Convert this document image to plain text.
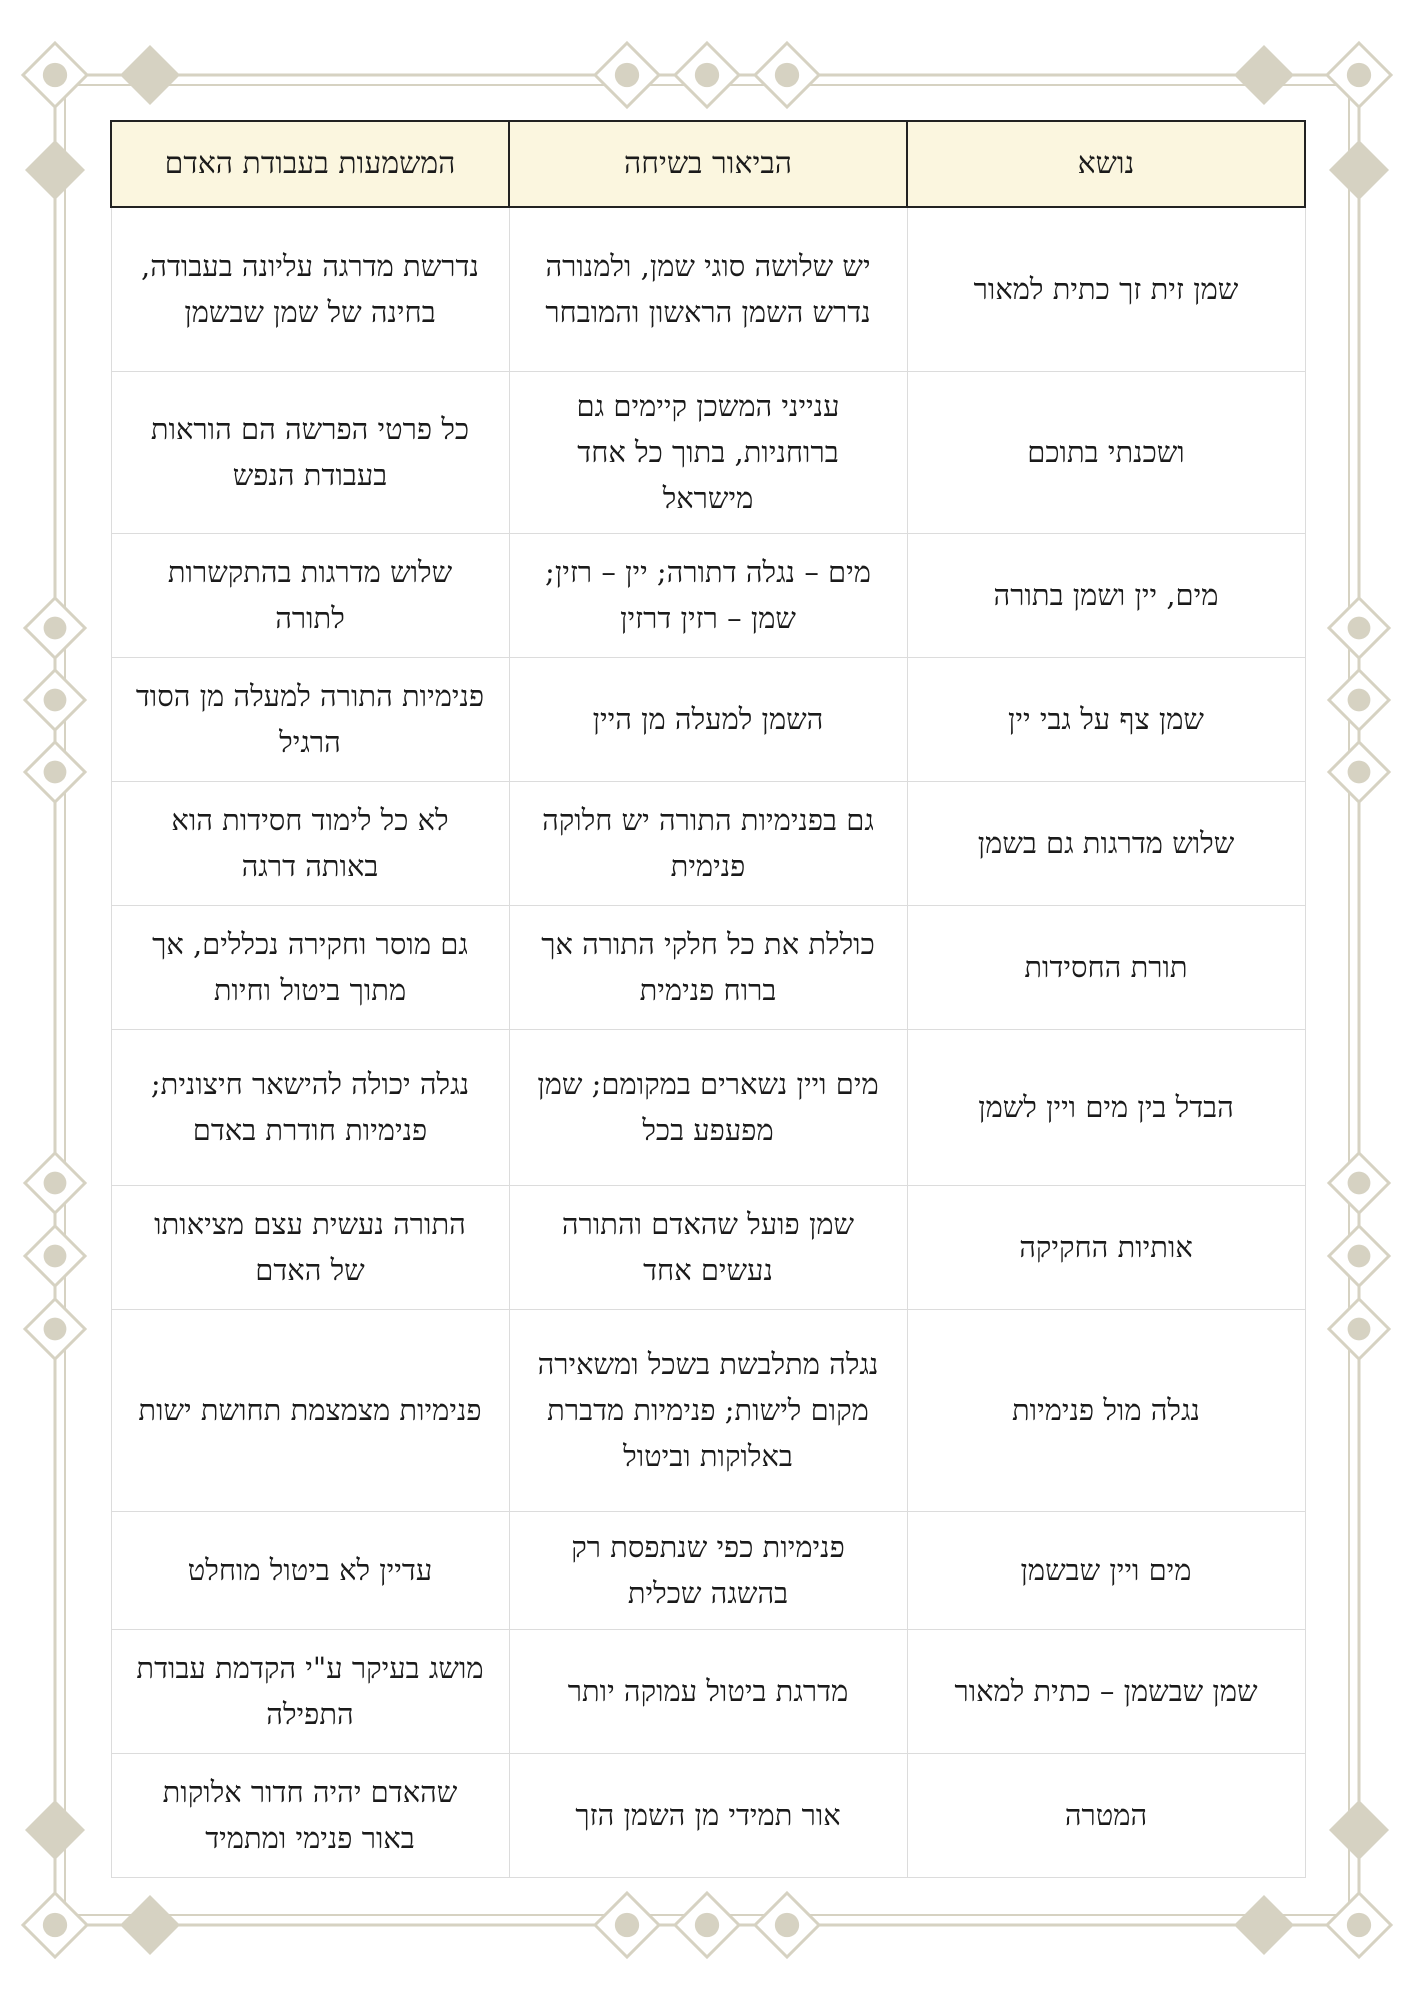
נושא	הביאור בשיחה	המשמעות בעבודת האדם
שמן זית זך כתית למאור	יש שלושה סוגי שמן, ולמנורה נדרש השמן הראשון והמובחר	נדרשת מדרגה עליונה בעבודה, בחינה של שמן שבשמן
ושכנתי בתוכם	ענייני המשכן קיימים גם ברוחניות, בתוך כל אחד מישראל	כל פרטי הפרשה הם הוראות בעבודת הנפש
מים, יין ושמן בתורה	מים – נגלה דתורה; יין – רזין; שמן – רזין דרזין	שלוש מדרגות בהתקשרות לתורה
שמן צף על גבי יין	השמן למעלה מן היין	פנימיות התורה למעלה מן הסוד הרגיל
שלוש מדרגות גם בשמן	גם בפנימיות התורה יש חלוקה פנימית	לא כל לימוד חסידות הוא באותה דרגה
תורת החסידות	כוללת את כל חלקי התורה אך ברוח פנימית	גם מוסר וחקירה נכללים, אך מתוך ביטול וחיות
הבדל בין מים ויין לשמן	מים ויין נשארים במקומם; שמן מפעפע בכל	נגלה יכולה להישאר חיצונית; פנימיות חודרת באדם
אותיות החקיקה	שמן פועל שהאדם והתורה נעשים אחד	התורה נעשית עצם מציאותו של האדם
נגלה מול פנימיות	נגלה מתלבשת בשכל ומשאירה מקום לישות; פנימיות מדברת באלוקות וביטול	פנימיות מצמצמת תחושת ישות
מים ויין שבשמן	פנימיות כפי שנתפסת רק בהשגה שכלית	עדיין לא ביטול מוחלט
שמן שבשמן – כתית למאור	מדרגת ביטול עמוקה יותר	מושג בעיקר ע"י הקדמת עבודת התפילה
המטרה	אור תמידי מן השמן הזך	שהאדם יהיה חדור אלוקות באור פנימי ומתמיד
